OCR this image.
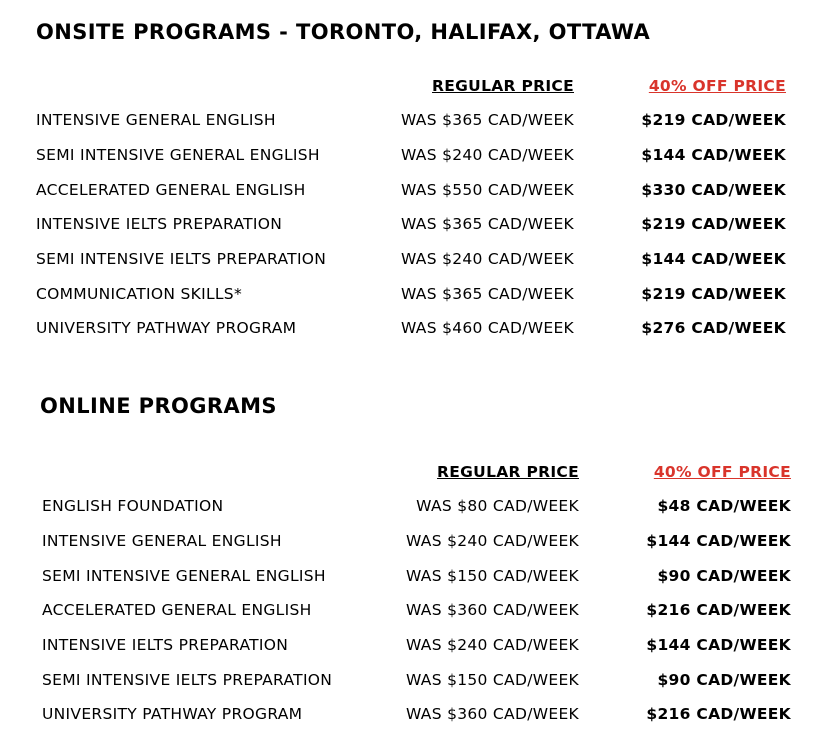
ONSITE PROGRAMS - TORONTO, HALIFAX, OTTAWA
	REGULAR PRICE	40% OFF PRICE
INTENSIVE GENERAL ENGLISH	WAS $365 CAD/WEEK	$219 CAD/WEEK
SEMI INTENSIVE GENERAL ENGLISH	WAS $240 CAD/WEEK	$144 CAD/WEEK
ACCELERATED GENERAL ENGLISH	WAS $550 CAD/WEEK	$330 CAD/WEEK
INTENSIVE IELTS PREPARATION	WAS $365 CAD/WEEK	$219 CAD/WEEK
SEMI INTENSIVE IELTS PREPARATION	WAS $240 CAD/WEEK	$144 CAD/WEEK
COMMUNICATION SKILLS*	WAS $365 CAD/WEEK	$219 CAD/WEEK
UNIVERSITY PATHWAY PROGRAM	WAS $460 CAD/WEEK	$276 CAD/WEEK
ONLINE PROGRAMS
	REGULAR PRICE	40% OFF PRICE
ENGLISH FOUNDATION	WAS $80 CAD/WEEK	$48 CAD/WEEK
INTENSIVE GENERAL ENGLISH	WAS $240 CAD/WEEK	$144 CAD/WEEK
SEMI INTENSIVE GENERAL ENGLISH	WAS $150 CAD/WEEK	$90 CAD/WEEK
ACCELERATED GENERAL ENGLISH	WAS $360 CAD/WEEK	$216 CAD/WEEK
INTENSIVE IELTS PREPARATION	WAS $240 CAD/WEEK	$144 CAD/WEEK
SEMI INTENSIVE IELTS PREPARATION	WAS $150 CAD/WEEK	$90 CAD/WEEK
UNIVERSITY PATHWAY PROGRAM	WAS $360 CAD/WEEK	$216 CAD/WEEK
